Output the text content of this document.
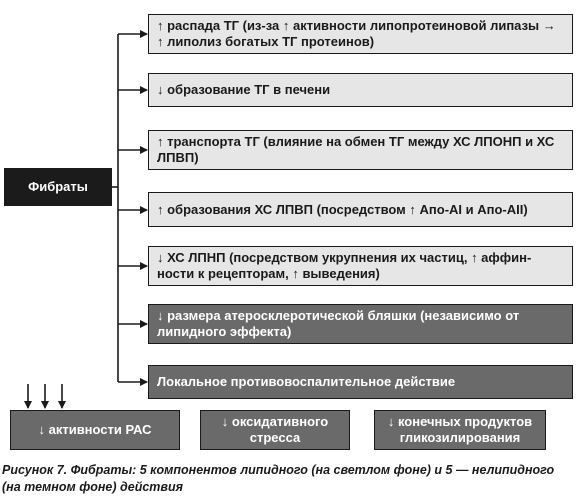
Фибраты
↑ распада ТГ (из-за ↑ активности липопротеиновой липазы → ↑ липолиз богатых ТГ протеинов)
↓ образование ТГ в печени
↑ транспорта ТГ (влияние на обмен ТГ между ХС ЛПОНП и ХС ЛПВП)
↑ образования ХС ЛПВП (посредством ↑ Апо-AI и Апо-AII)
↓ ХС ЛПНП (посредством укрупнения их частиц, ↑ аффин-ности к рецепторам, ↑ выведения)
↓ размера атеросклеротической бляшки (независимо от липидного эффекта)
Локальное противовоспалительное действие
↓ активности РАС
↓ оксидативного стресса
↓ конечных продуктов гликозилирования
Рисунок 7. Фибраты: 5 компонентов липидного (на светлом фоне) и 5 — нелипидного (на темном фоне) действия
